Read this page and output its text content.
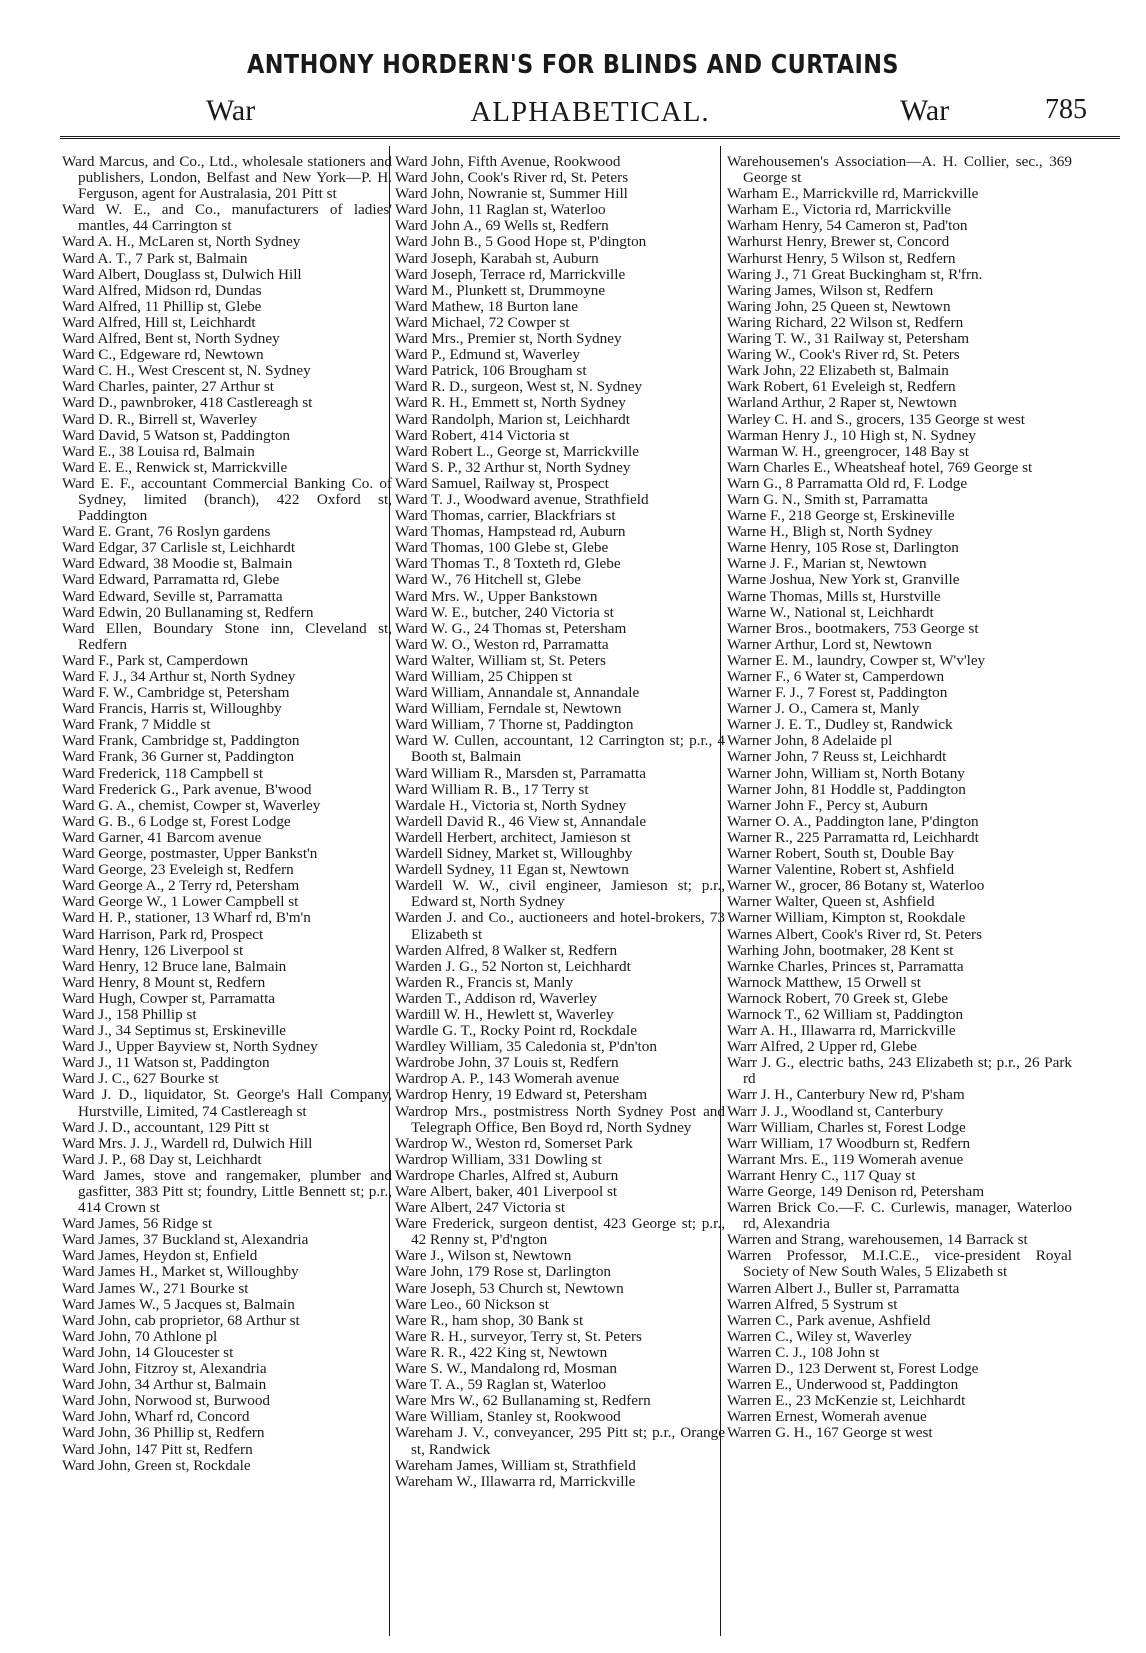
ANTHONY HORDERN'S FOR BLINDS AND CURTAINS
War	ALPHABETICAL.	War	785

Ward Marcus, and Co., Ltd., wholesale stationers and publishers, London, Belfast and New York—P. H. Ferguson, agent for Australasia, 201 Pitt st

Ward W. E., and Co., manufacturers of ladies' mantles, 44 Carrington st

Ward A. H., McLaren st, North Sydney

Ward A. T., 7 Park st, Balmain

Ward Albert, Douglass st, Dulwich Hill

Ward Alfred, Midson rd, Dundas

Ward Alfred, 11 Phillip st, Glebe

Ward Alfred, Hill st, Leichhardt

Ward Alfred, Bent st, North Sydney

Ward C., Edgeware rd, Newtown

Ward C. H., West Crescent st, N. Sydney

Ward Charles, painter, 27 Arthur st

Ward D., pawnbroker, 418 Castlereagh st

Ward D. R., Birrell st, Waverley

Ward David, 5 Watson st, Paddington

Ward E., 38 Louisa rd, Balmain

Ward E. E., Renwick st, Marrickville

Ward E. F., accountant Commercial Banking Co. of Sydney, limited (branch), 422 Oxford st, Paddington

Ward E. Grant, 76 Roslyn gardens

Ward Edgar, 37 Carlisle st, Leichhardt

Ward Edward, 38 Moodie st, Balmain

Ward Edward, Parramatta rd, Glebe

Ward Edward, Seville st, Parramatta

Ward Edwin, 20 Bullanaming st, Redfern

Ward Ellen, Boundary Stone inn, Cleveland st, Redfern

Ward F., Park st, Camperdown

Ward F. J., 34 Arthur st, North Sydney

Ward F. W., Cambridge st, Petersham

Ward Francis, Harris st, Willoughby

Ward Frank, 7 Middle st

Ward Frank, Cambridge st, Paddington

Ward Frank, 36 Gurner st, Paddington

Ward Frederick, 118 Campbell st

Ward Frederick G., Park avenue, B'wood

Ward G. A., chemist, Cowper st, Waverley

Ward G. B., 6 Lodge st, Forest Lodge

Ward Garner, 41 Barcom avenue

Ward George, postmaster, Upper Bankst'n

Ward George, 23 Eveleigh st, Redfern

Ward George A., 2 Terry rd, Petersham

Ward George W., 1 Lower Campbell st

Ward H. P., stationer, 13 Wharf rd, B'm'n

Ward Harrison, Park rd, Prospect

Ward Henry, 126 Liverpool st

Ward Henry, 12 Bruce lane, Balmain

Ward Henry, 8 Mount st, Redfern

Ward Hugh, Cowper st, Parramatta

Ward J., 158 Phillip st

Ward J., 34 Septimus st, Erskineville

Ward J., Upper Bayview st, North Sydney

Ward J., 11 Watson st, Paddington

Ward J. C., 627 Bourke st

Ward J. D., liquidator, St. George's Hall Company, Hurstville, Limited, 74 Castlereagh st

Ward J. D., accountant, 129 Pitt st

Ward Mrs. J. J., Wardell rd, Dulwich Hill

Ward J. P., 68 Day st, Leichhardt

Ward James, stove and rangemaker, plumber and gasfitter, 383 Pitt st; foundry, Little Bennett st; p.r., 414 Crown st

Ward James, 56 Ridge st

Ward James, 37 Buckland st, Alexandria

Ward James, Heydon st, Enfield

Ward James H., Market st, Willoughby

Ward James W., 271 Bourke st

Ward James W., 5 Jacques st, Balmain

Ward John, cab proprietor, 68 Arthur st

Ward John, 70 Athlone pl

Ward John, 14 Gloucester st

Ward John, Fitzroy st, Alexandria

Ward John, 34 Arthur st, Balmain

Ward John, Norwood st, Burwood

Ward John, Wharf rd, Concord

Ward John, 36 Phillip st, Redfern

Ward John, 147 Pitt st, Redfern

Ward John, Green st, Rockdale

Ward John, Fifth Avenue, Rookwood

Ward John, Cook's River rd, St. Peters

Ward John, Nowranie st, Summer Hill

Ward John, 11 Raglan st, Waterloo

Ward John A., 69 Wells st, Redfern

Ward John B., 5 Good Hope st, P'dington

Ward Joseph, Karabah st, Auburn

Ward Joseph, Terrace rd, Marrickville

Ward M., Plunkett st, Drummoyne

Ward Mathew, 18 Burton lane

Ward Michael, 72 Cowper st

Ward Mrs., Premier st, North Sydney

Ward P., Edmund st, Waverley

Ward Patrick, 106 Brougham st

Ward R. D., surgeon, West st, N. Sydney

Ward R. H., Emmett st, North Sydney

Ward Randolph, Marion st, Leichhardt

Ward Robert, 414 Victoria st

Ward Robert L., George st, Marrickville

Ward S. P., 32 Arthur st, North Sydney

Ward Samuel, Railway st, Prospect

Ward T. J., Woodward avenue, Strathfield

Ward Thomas, carrier, Blackfriars st

Ward Thomas, Hampstead rd, Auburn

Ward Thomas, 100 Glebe st, Glebe

Ward Thomas T., 8 Toxteth rd, Glebe

Ward W., 76 Hitchell st, Glebe

Ward Mrs. W., Upper Bankstown

Ward W. E., butcher, 240 Victoria st

Ward W. G., 24 Thomas st, Petersham

Ward W. O., Weston rd, Parramatta

Ward Walter, William st, St. Peters

Ward William, 25 Chippen st

Ward William, Annandale st, Annandale

Ward William, Ferndale st, Newtown

Ward William, 7 Thorne st, Paddington

Ward W. Cullen, accountant, 12 Carrington st; p.r., 4 Booth st, Balmain

Ward William R., Marsden st, Parramatta

Ward William R. B., 17 Terry st

Wardale H., Victoria st, North Sydney

Wardell David R., 46 View st, Annandale

Wardell Herbert, architect, Jamieson st

Wardell Sidney, Market st, Willoughby

Wardell Sydney, 11 Egan st, Newtown

Wardell W. W., civil engineer, Jamieson st; p.r., Edward st, North Sydney

Warden J. and Co., auctioneers and hotel-brokers, 73 Elizabeth st

Warden Alfred, 8 Walker st, Redfern

Warden J. G., 52 Norton st, Leichhardt

Warden R., Francis st, Manly

Warden T., Addison rd, Waverley

Wardill W. H., Hewlett st, Waverley

Wardle G. T., Rocky Point rd, Rockdale

Wardley William, 35 Caledonia st, P'dn'ton

Wardrobe John, 37 Louis st, Redfern

Wardrop A. P., 143 Womerah avenue

Wardrop Henry, 19 Edward st, Petersham

Wardrop Mrs., postmistress North Sydney Post and Telegraph Office, Ben Boyd rd, North Sydney

Wardrop W., Weston rd, Somerset Park

Wardrop William, 331 Dowling st

Wardrope Charles, Alfred st, Auburn

Ware Albert, baker, 401 Liverpool st

Ware Albert, 247 Victoria st

Ware Frederick, surgeon dentist, 423 George st; p.r., 42 Renny st, P'd'ngton

Ware J., Wilson st, Newtown

Ware John, 179 Rose st, Darlington

Ware Joseph, 53 Church st, Newtown

Ware Leo., 60 Nickson st

Ware R., ham shop, 30 Bank st

Ware R. H., surveyor, Terry st, St. Peters

Ware R. R., 422 King st, Newtown

Ware S. W., Mandalong rd, Mosman

Ware T. A., 59 Raglan st, Waterloo

Ware Mrs W., 62 Bullanaming st, Redfern

Ware William, Stanley st, Rookwood

Wareham J. V., conveyancer, 295 Pitt st; p.r., Orange st, Randwick

Wareham James, William st, Strathfield

Wareham W., Illawarra rd, Marrickville

Warehousemen's Association—A. H. Collier, sec., 369 George st

Warham E., Marrickville rd, Marrickville

Warham E., Victoria rd, Marrickville

Warham Henry, 54 Cameron st, Pad'ton

Warhurst Henry, Brewer st, Concord

Warhurst Henry, 5 Wilson st, Redfern

Waring J., 71 Great Buckingham st, R'frn.

Waring James, Wilson st, Redfern

Waring John, 25 Queen st, Newtown

Waring Richard, 22 Wilson st, Redfern

Waring T. W., 31 Railway st, Petersham

Waring W., Cook's River rd, St. Peters

Wark John, 22 Elizabeth st, Balmain

Wark Robert, 61 Eveleigh st, Redfern

Warland Arthur, 2 Raper st, Newtown

Warley C. H. and S., grocers, 135 George st west

Warman Henry J., 10 High st, N. Sydney

Warman W. H., greengrocer, 148 Bay st

Warn Charles E., Wheatsheaf hotel, 769 George st

Warn G., 8 Parramatta Old rd, F. Lodge

Warn G. N., Smith st, Parramatta

Warne F., 218 George st, Erskineville

Warne H., Bligh st, North Sydney

Warne Henry, 105 Rose st, Darlington

Warne J. F., Marian st, Newtown

Warne Joshua, New York st, Granville

Warne Thomas, Mills st, Hurstville

Warne W., National st, Leichhardt

Warner Bros., bootmakers, 753 George st

Warner Arthur, Lord st, Newtown

Warner E. M., laundry, Cowper st, W'v'ley

Warner F., 6 Water st, Camperdown

Warner F. J., 7 Forest st, Paddington

Warner J. O., Camera st, Manly

Warner J. E. T., Dudley st, Randwick

Warner John, 8 Adelaide pl

Warner John, 7 Reuss st, Leichhardt

Warner John, William st, North Botany

Warner John, 81 Hoddle st, Paddington

Warner John F., Percy st, Auburn

Warner O. A., Paddington lane, P'dington

Warner R., 225 Parramatta rd, Leichhardt

Warner Robert, South st, Double Bay

Warner Valentine, Robert st, Ashfield

Warner W., grocer, 86 Botany st, Waterloo

Warner Walter, Queen st, Ashfield

Warner William, Kimpton st, Rookdale

Warnes Albert, Cook's River rd, St. Peters

Warhing John, bootmaker, 28 Kent st

Warnke Charles, Princes st, Parramatta

Warnock Matthew, 15 Orwell st

Warnock Robert, 70 Greek st, Glebe

Warnock T., 62 William st, Paddington

Warr A. H., Illawarra rd, Marrickville

Warr Alfred, 2 Upper rd, Glebe

Warr J. G., electric baths, 243 Elizabeth st; p.r., 26 Park rd

Warr J. H., Canterbury New rd, P'sham

Warr J. J., Woodland st, Canterbury

Warr William, Charles st, Forest Lodge

Warr William, 17 Woodburn st, Redfern

Warrant Mrs. E., 119 Womerah avenue

Warrant Henry C., 117 Quay st

Warre George, 149 Denison rd, Petersham

Warren Brick Co.—F. C. Curlewis, manager, Waterloo rd, Alexandria

Warren and Strang, warehousemen, 14 Barrack st

Warren Professor, M.I.C.E., vice-president Royal Society of New South Wales, 5 Elizabeth st

Warren Albert J., Buller st, Parramatta

Warren Alfred, 5 Systrum st

Warren C., Park avenue, Ashfield

Warren C., Wiley st, Waverley

Warren C. J., 108 John st

Warren D., 123 Derwent st, Forest Lodge

Warren E., Underwood st, Paddington

Warren E., 23 McKenzie st, Leichhardt

Warren Ernest, Womerah avenue

Warren G. H., 167 George st west
